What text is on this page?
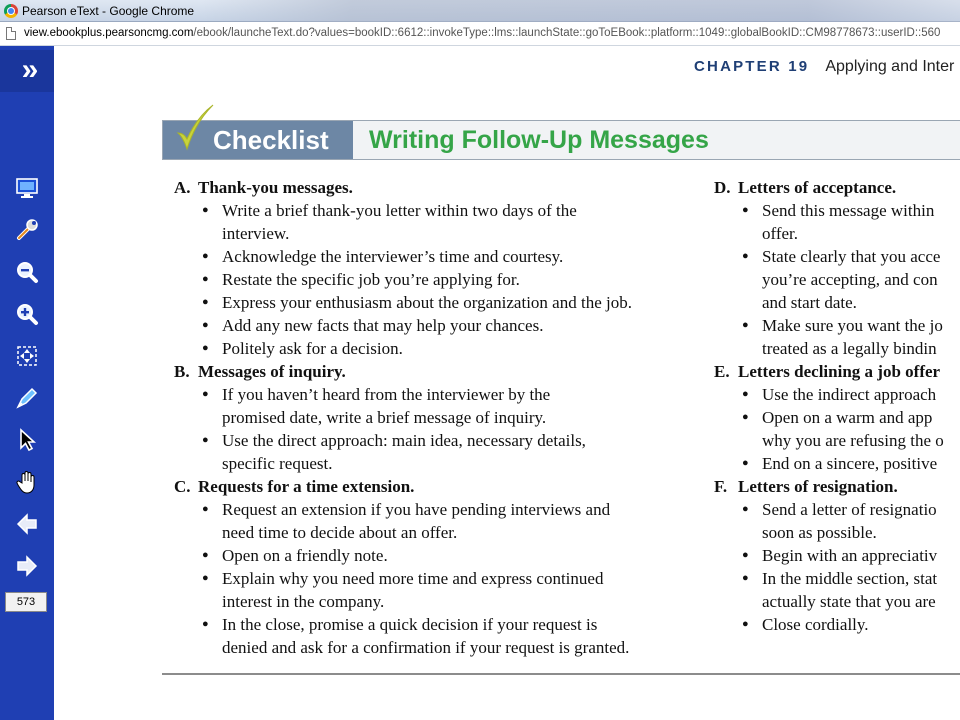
Pearson eText - Google Chrome
view.ebookplus.pearsoncmg.com/ebook/launcheText.do?values=bookID::6612::invokeType::lms::launchState::goToEBook::platform::1049::globalBookID::CM98778673::userID::560
»
573
CHAPTER 19 Applying and Inter
Checklist Writing Follow-Up Messages
A. Thank-you messages.
● Write a brief thank-you letter within two days of the
interview.
● Acknowledge the interviewer’s time and courtesy.
● Restate the specific job you’re applying for.
● Express your enthusiasm about the organization and the job.
● Add any new facts that may help your chances.
● Politely ask for a decision.
B. Messages of inquiry.
● If you haven’t heard from the interviewer by the
promised date, write a brief message of inquiry.
● Use the direct approach: main idea, necessary details,
specific request.
C. Requests for a time extension.
● Request an extension if you have pending interviews and
need time to decide about an offer.
● Open on a friendly note.
● Explain why you need more time and express continued
interest in the company.
● In the close, promise a quick decision if your request is
denied and ask for a confirmation if your request is granted.
D. Letters of acceptance.
● Send this message within
offer.
● State clearly that you acce
you’re accepting, and con
and start date.
● Make sure you want the jo
treated as a legally bindin
E. Letters declining a job offer
● Use the indirect approach
● Open on a warm and app
why you are refusing the o
● End on a sincere, positive
F. Letters of resignation.
● Send a letter of resignatio
soon as possible.
● Begin with an appreciativ
● In the middle section, stat
actually state that you are
● Close cordially.
